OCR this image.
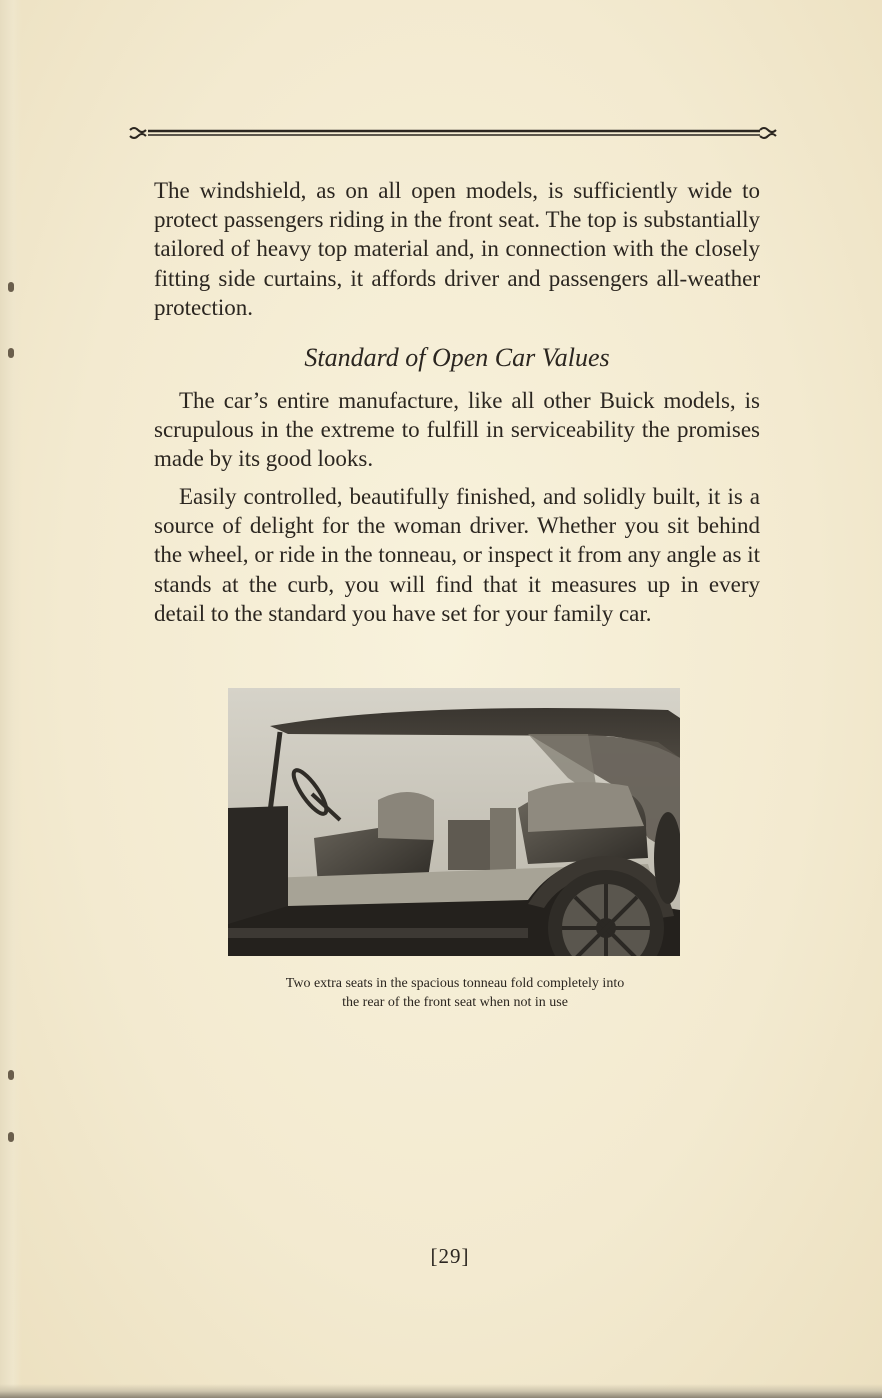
The windshield, as on all open models, is sufficiently wide to protect passengers riding in the front seat. The top is substantially tailored of heavy top material and, in connection with the closely fitting side curtains, it affords driver and passengers all-weather protection.

Standard of Open Car Values

The car’s entire manufacture, like all other Buick models, is scrupulous in the extreme to fulfill in serviceability the promises made by its good looks.

Easily controlled, beautifully finished, and solidly built, it is a source of delight for the woman driver. Whether you sit behind the wheel, or ride in the tonneau, or inspect it from any angle as it stands at the curb, you will find that it measures up in every detail to the standard you have set for your family car.

Two extra seats in the spacious tonneau fold completely into
the rear of the front seat when not in use

[29]
